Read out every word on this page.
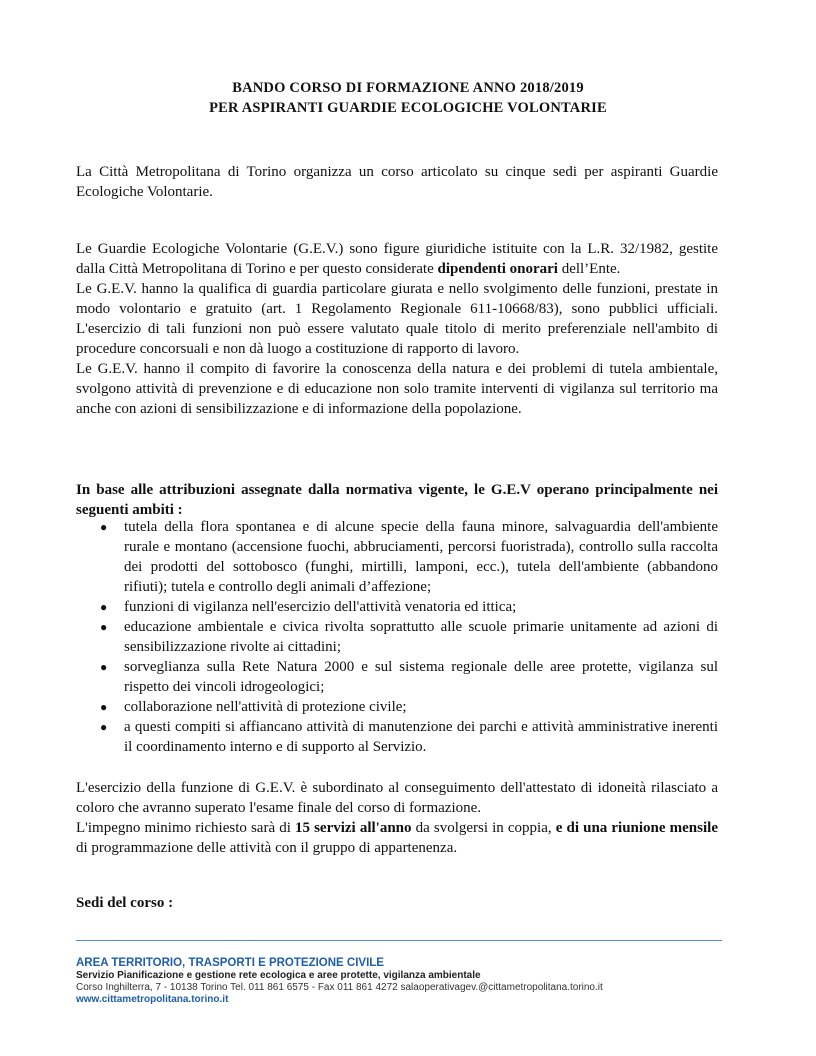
BANDO CORSO DI FORMAZIONE ANNO 2018/2019
PER ASPIRANTI GUARDIE ECOLOGICHE VOLONTARIE

La Città Metropolitana di Torino organizza un corso articolato su cinque sedi per aspiranti Guardie Ecologiche Volontarie.

Le Guardie Ecologiche Volontarie (G.E.V.) sono figure giuridiche istituite con la L.R. 32/1982, gestite dalla Città Metropolitana di Torino e per questo considerate dipendenti onorari dell’Ente.
Le G.E.V. hanno la qualifica di guardia particolare giurata e nello svolgimento delle funzioni, prestate in modo volontario e gratuito (art. 1 Regolamento Regionale 611-10668/83), sono pubblici ufficiali. L'esercizio di tali funzioni non può essere valutato quale titolo di merito preferenziale nell'ambito di procedure concorsuali e non dà luogo a costituzione di rapporto di lavoro.
Le G.E.V. hanno il compito di favorire la conoscenza della natura e dei problemi di tutela ambientale, svolgono attività di prevenzione e di educazione non solo tramite interventi di vigilanza sul territorio ma anche con azioni di sensibilizzazione e di informazione della popolazione.
In base alle attribuzioni assegnate dalla normativa vigente, le G.E.V operano principalmente nei seguenti ambiti :
● tutela della flora spontanea e di alcune specie della fauna minore, salvaguardia dell'ambiente rurale e montano (accensione fuochi, abbruciamenti, percorsi fuoristrada), controllo sulla raccolta dei prodotti del sottobosco (funghi, mirtilli, lamponi, ecc.), tutela dell'ambiente (abbandono rifiuti); tutela e controllo degli animali d’affezione;
● funzioni di vigilanza nell'esercizio dell'attività venatoria ed ittica;
● educazione ambientale e civica rivolta soprattutto alle scuole primarie unitamente ad azioni di sensibilizzazione rivolte ai cittadini;
● sorveglianza sulla Rete Natura 2000 e sul sistema regionale delle aree protette, vigilanza sul rispetto dei vincoli idrogeologici;
● collaborazione nell'attività di protezione civile;
● a questi compiti si affiancano attività di manutenzione dei parchi e attività amministrative inerenti il coordinamento interno e di supporto al Servizio.
L'esercizio della funzione di G.E.V. è subordinato al conseguimento dell'attestato di idoneità rilasciato a coloro che avranno superato l'esame finale del corso di formazione.
L'impegno minimo richiesto sarà di 15 servizi all'anno da svolgersi in coppia, e di una riunione mensile di programmazione delle attività con il gruppo di appartenenza.
Sedi del corso :
AREA TERRITORIO, TRASPORTI E PROTEZIONE CIVILE
Servizio Pianificazione e gestione rete ecologica e aree protette, vigilanza ambientale
Corso Inghilterra, 7 - 10138 Torino Tel. 011 861 6575 - Fax 011 861 4272 salaoperativagev.@cittametropolitana.torino.it
www.cittametropolitana.torino.it
